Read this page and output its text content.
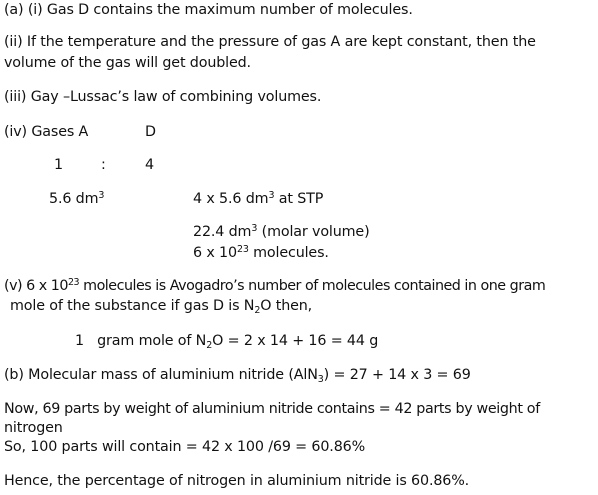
(a) (i) Gas D contains the maximum number of molecules.
(ii) If the temperature and the pressure of gas A are kept constant, then the
volume of the gas will get doubled.
(iii) Gay –Lussac’s law of combining volumes.
(iv) Gases A	D
1	:	4
5.6 $dm^3$	4 x 5.6 $dm^3$ at STP
22.4 $dm^3$ (molar volume)
6 x $10^{23}$ molecules.
(v) 6 x $10^{23}$ molecules is Avogadro’s number of molecules contained in one gram
mole of the substance if gas D is $N_2O$ then,
1   gram mole of $N_2O = 2$ x 14 + 16 = 44 g
(b) Molecular mass of aluminium nitride (AlN$_3$) = 27 + 14 x 3 = 69
Now, 69 parts by weight of aluminium nitride contains = 42 parts by weight of
nitrogen
So, 100 parts will contain = 42 x 100 /69 = 60.86%
Hence, the percentage of nitrogen in aluminium nitride is 60.86%.
